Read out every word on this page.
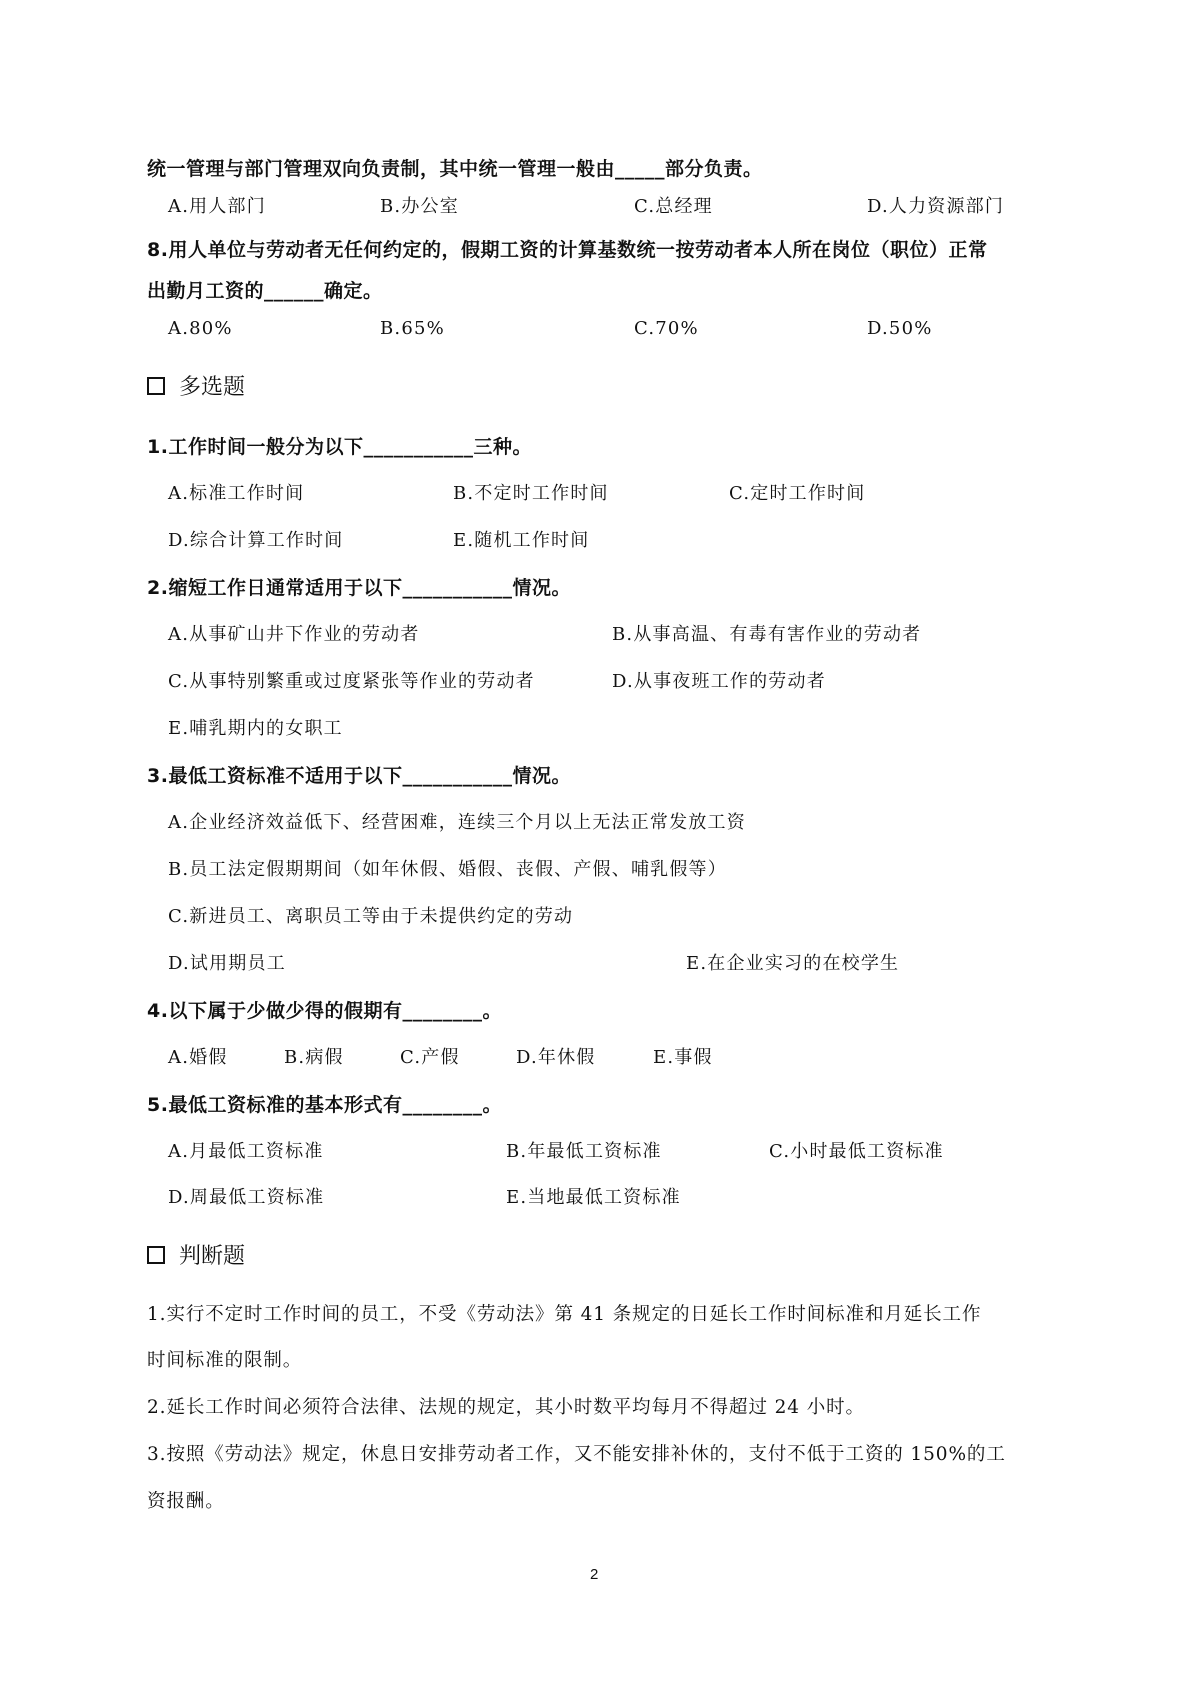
统一管理与部门管理双向负责制，其中统一管理一般由_____部分负责。
A.用人部门	B.办公室	C.总经理	D.人力资源部门
8.用人单位与劳动者无任何约定的，假期工资的计算基数统一按劳动者本人所在岗位（职位）正常
出勤月工资的______确定。
A.80%	B.65%	C.70%	D.50%
多选题
1.工作时间一般分为以下___________三种。
A.标准工作时间	B.不定时工作时间	C.定时工作时间
D.综合计算工作时间	E.随机工作时间
2.缩短工作日通常适用于以下___________情况。
A.从事矿山井下作业的劳动者	B.从事高温、有毒有害作业的劳动者
C.从事特别繁重或过度紧张等作业的劳动者	D.从事夜班工作的劳动者
E.哺乳期内的女职工
3.最低工资标准不适用于以下___________情况。
A.企业经济效益低下、经营困难，连续三个月以上无法正常发放工资
B.员工法定假期期间（如年休假、婚假、丧假、产假、哺乳假等）
C.新进员工、离职员工等由于未提供约定的劳动
D.试用期员工	E.在企业实习的在校学生
4.以下属于少做少得的假期有________。
A.婚假	B.病假	C.产假	D.年休假	E.事假
5.最低工资标准的基本形式有________。
A.月最低工资标准	B.年最低工资标准	C.小时最低工资标准
D.周最低工资标准	E.当地最低工资标准
判断题
1.实行不定时工作时间的员工，不受《劳动法》第 41 条规定的日延长工作时间标准和月延长工作
时间标准的限制。
2.延长工作时间必须符合法律、法规的规定，其小时数平均每月不得超过 24 小时。
3.按照《劳动法》规定，休息日安排劳动者工作，又不能安排补休的，支付不低于工资的 150%的工
资报酬。
2
